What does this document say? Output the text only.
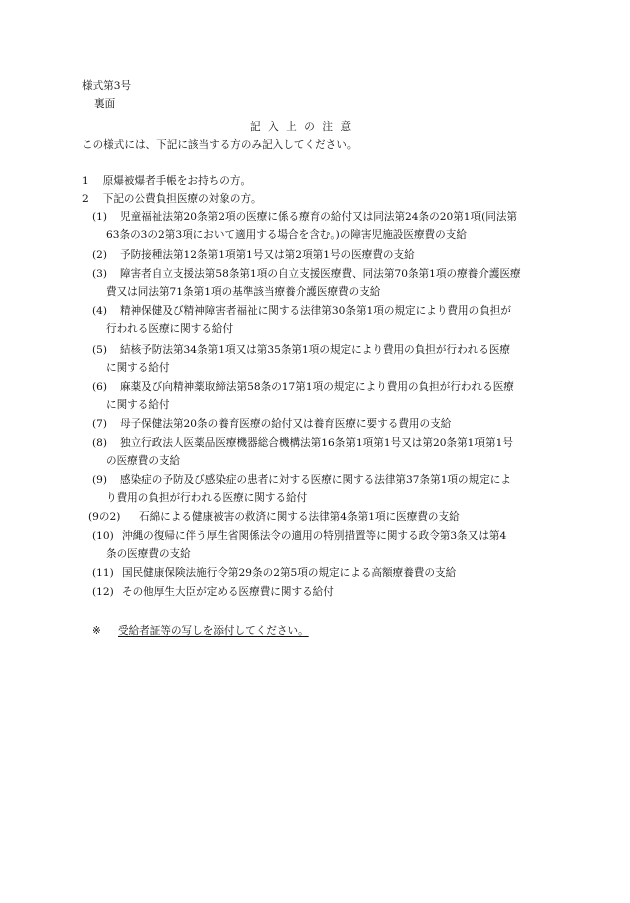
様式第3号
裏面
記入上の注意
この様式には、下記に該当する方のみ記入してください。
1 原爆被爆者手帳をお持ちの方。
2 下記の公費負担医療の対象の方。
(1) 児童福祉法第20条第2項の医療に係る療育の給付又は同法第24条の20第1項(同法第
63条の3の2第3項において適用する場合を含む。)の障害児施設医療費の支給
(2) 予防接種法第12条第1項第1号又は第2項第1号の医療費の支給
(3) 障害者自立支援法第58条第1項の自立支援医療費、同法第70条第1項の療養介護医療
費又は同法第71条第1項の基準該当療養介護医療費の支給
(4) 精神保健及び精神障害者福祉に関する法律第30条第1項の規定により費用の負担が
行われる医療に関する給付
(5) 結核予防法第34条第1項又は第35条第1項の規定により費用の負担が行われる医療
に関する給付
(6) 麻薬及び向精神薬取締法第58条の17第1項の規定により費用の負担が行われる医療
に関する給付
(7) 母子保健法第20条の養育医療の給付又は養育医療に要する費用の支給
(8) 独立行政法人医薬品医療機器総合機構法第16条第1項第1号又は第20条第1項第1号
の医療費の支給
(9) 感染症の予防及び感染症の患者に対する医療に関する法律第37条第1項の規定によ
り費用の負担が行われる医療に関する給付
(9の2) 石綿による健康被害の救済に関する法律第4条第1項に医療費の支給
(10) 沖縄の復帰に伴う厚生省関係法令の適用の特別措置等に関する政令第3条又は第4
条の医療費の支給
(11) 国民健康保険法施行令第29条の2第5項の規定による高額療養費の支給
(12) その他厚生大臣が定める医療費に関する給付
※ 受給者証等の写しを添付してください。
